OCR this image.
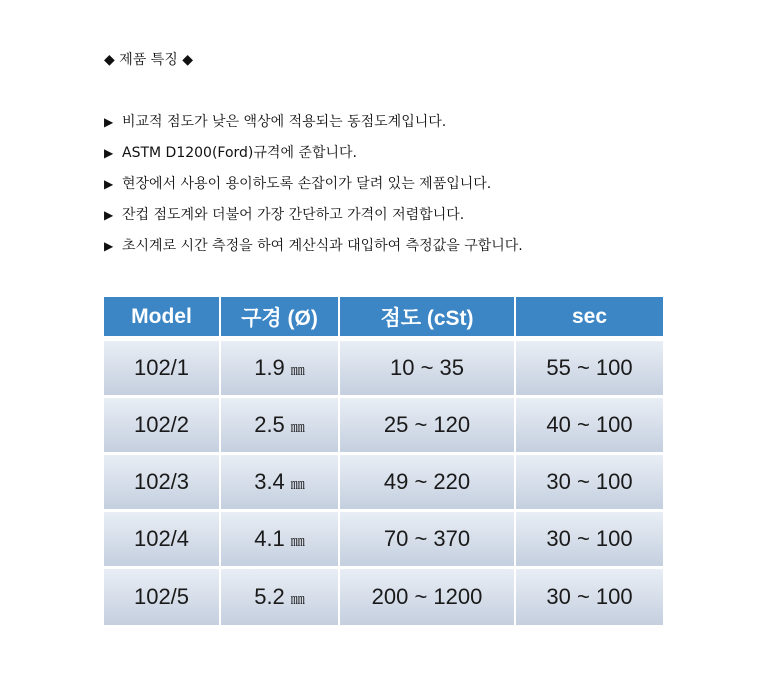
◆ 제품 특징 ◆
▶ 비교적 점도가 낮은 액상에 적용되는 동점도계입니다.
▶ ASTM D1200(Ford)규격에 준합니다.
▶ 현장에서 사용이 용이하도록 손잡이가 달려 있는 제품입니다.
▶ 잔컵 점도계와 더불어 가장 간단하고 가격이 저렴합니다.
▶ 초시계로 시간 측정을 하여 계산식과 대입하여 측정값을 구합니다.
Model	구경 (Ø)	점도 (cSt)	sec
102/1	1.9 ㎜	10 ~ 35	55 ~ 100
102/2	2.5 ㎜	25 ~ 120	40 ~ 100
102/3	3.4 ㎜	49 ~ 220	30 ~ 100
102/4	4.1 ㎜	70 ~ 370	30 ~ 100
102/5	5.2 ㎜	200 ~ 1200	30 ~ 100
